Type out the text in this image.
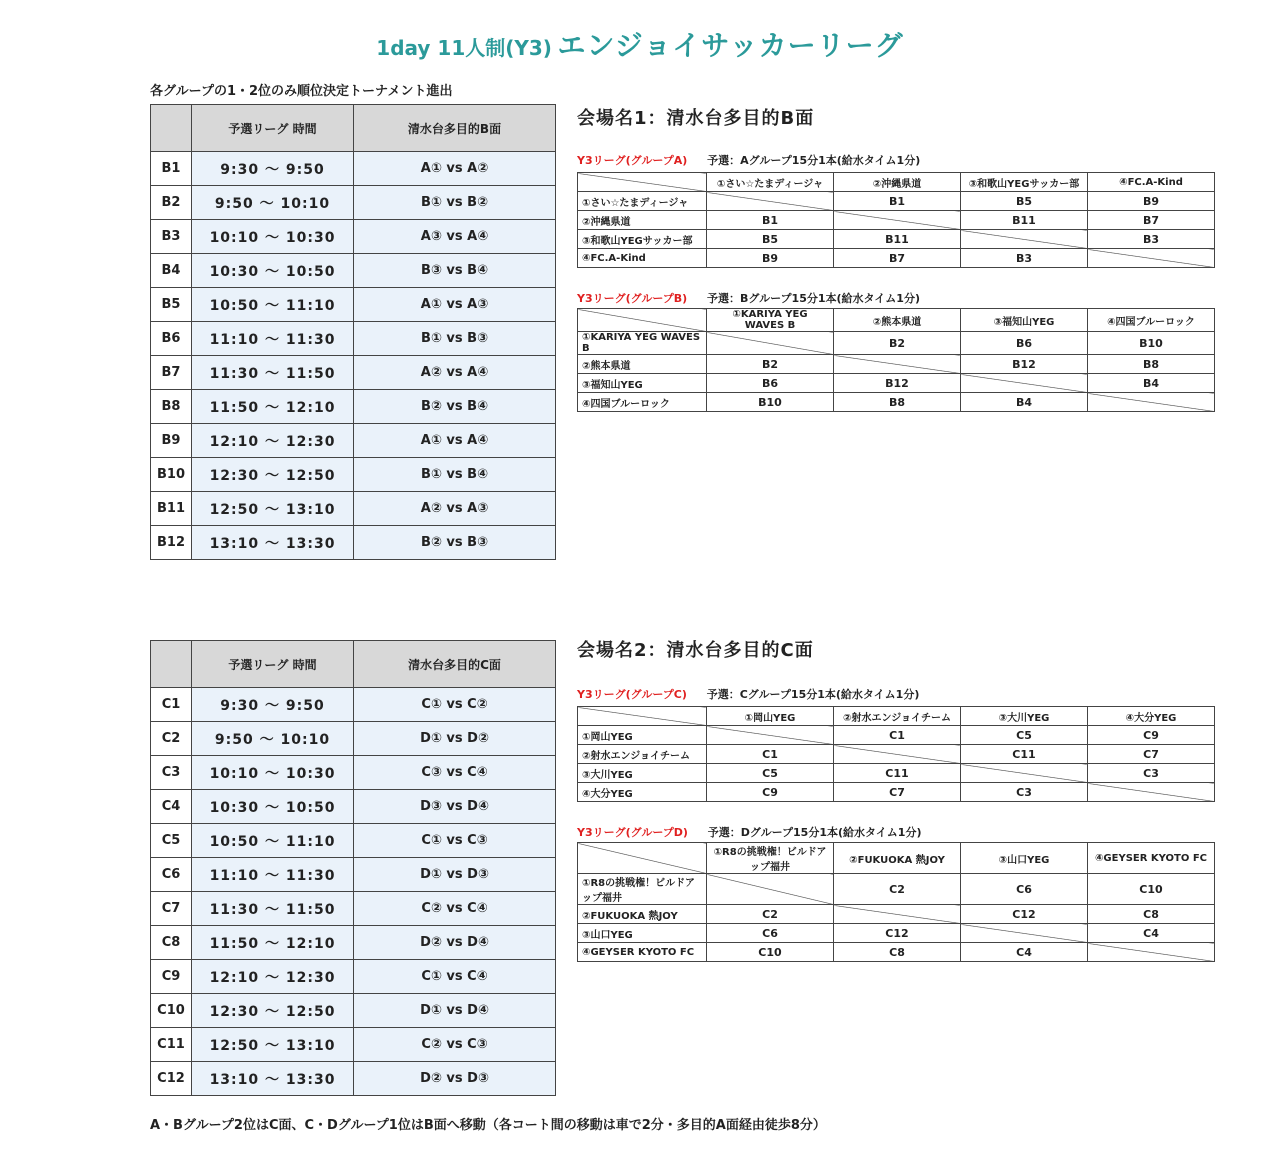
1day 11人制(Y3) エンジョイサッカーリーグ
各グループの1・2位のみ順位決定トーナメント進出
	予選リーグ 時間	清水台多目的B面
B1	9:30 ～ 9:50	A① vs A②
B2	9:50 ～ 10:10	B① vs B②
B3	10:10 ～ 10:30	A③ vs A④
B4	10:30 ～ 10:50	B③ vs B④
B5	10:50 ～ 11:10	A① vs A③
B6	11:10 ～ 11:30	B① vs B③
B7	11:30 ～ 11:50	A② vs A④
B8	11:50 ～ 12:10	B② vs B④
B9	12:10 ～ 12:30	A① vs A④
B10	12:30 ～ 12:50	B① vs B④
B11	12:50 ～ 13:10	A② vs A③
B12	13:10 ～ 13:30	B② vs B③
	予選リーグ 時間	清水台多目的C面
C1	9:30 ～ 9:50	C① vs C②
C2	9:50 ～ 10:10	D① vs D②
C3	10:10 ～ 10:30	C③ vs C④
C4	10:30 ～ 10:50	D③ vs D④
C5	10:50 ～ 11:10	C① vs C③
C6	11:10 ～ 11:30	D① vs D③
C7	11:30 ～ 11:50	C② vs C④
C8	11:50 ～ 12:10	D② vs D④
C9	12:10 ～ 12:30	C① vs C④
C10	12:30 ～ 12:50	D① vs D④
C11	12:50 ～ 13:10	C② vs C③
C12	13:10 ～ 13:30	D② vs D③
会場名1：清水台多目的B面
会場名2：清水台多目的C面
Y3リーグ(グループA) 予選：Aグループ15分1本(給水タイム1分)
	①さい☆たまディージャ	②沖縄県道	③和歌山YEGサッカー部	④FC.A-Kind
①さい☆たまディージャ		B1	B5	B9
②沖縄県道	B1		B11	B7
③和歌山YEGサッカー部	B5	B11		B3
④FC.A-Kind	B9	B7	B3	
Y3リーグ(グループB) 予選：Bグループ15分1本(給水タイム1分)
	①KARIYA YEG WAVES B	②熊本県道	③福知山YEG	④四国ブルーロック
①KARIYA YEG WAVES B		B2	B6	B10
②熊本県道	B2		B12	B8
③福知山YEG	B6	B12		B4
④四国ブルーロック	B10	B8	B4	
Y3リーグ(グループC) 予選：Cグループ15分1本(給水タイム1分)
	①岡山YEG	②射水エンジョイチーム	③大川YEG	④大分YEG
①岡山YEG		C1	C5	C9
②射水エンジョイチーム	C1		C11	C7
③大川YEG	C5	C11		C3
④大分YEG	C9	C7	C3	
Y3リーグ(グループD) 予選：Dグループ15分1本(給水タイム1分)
	①R8の挑戦権！ビルドアップ福井	②FUKUOKA 熱JOY	③山口YEG	④GEYSER KYOTO FC
①R8の挑戦権！ビルドアップ福井		C2	C6	C10
②FUKUOKA 熱JOY	C2		C12	C8
③山口YEG	C6	C12		C4
④GEYSER KYOTO FC	C10	C8	C4	
A・Bグループ2位はC面、C・Dグループ1位はB面へ移動（各コート間の移動は車で2分・多目的A面経由徒歩8分）
